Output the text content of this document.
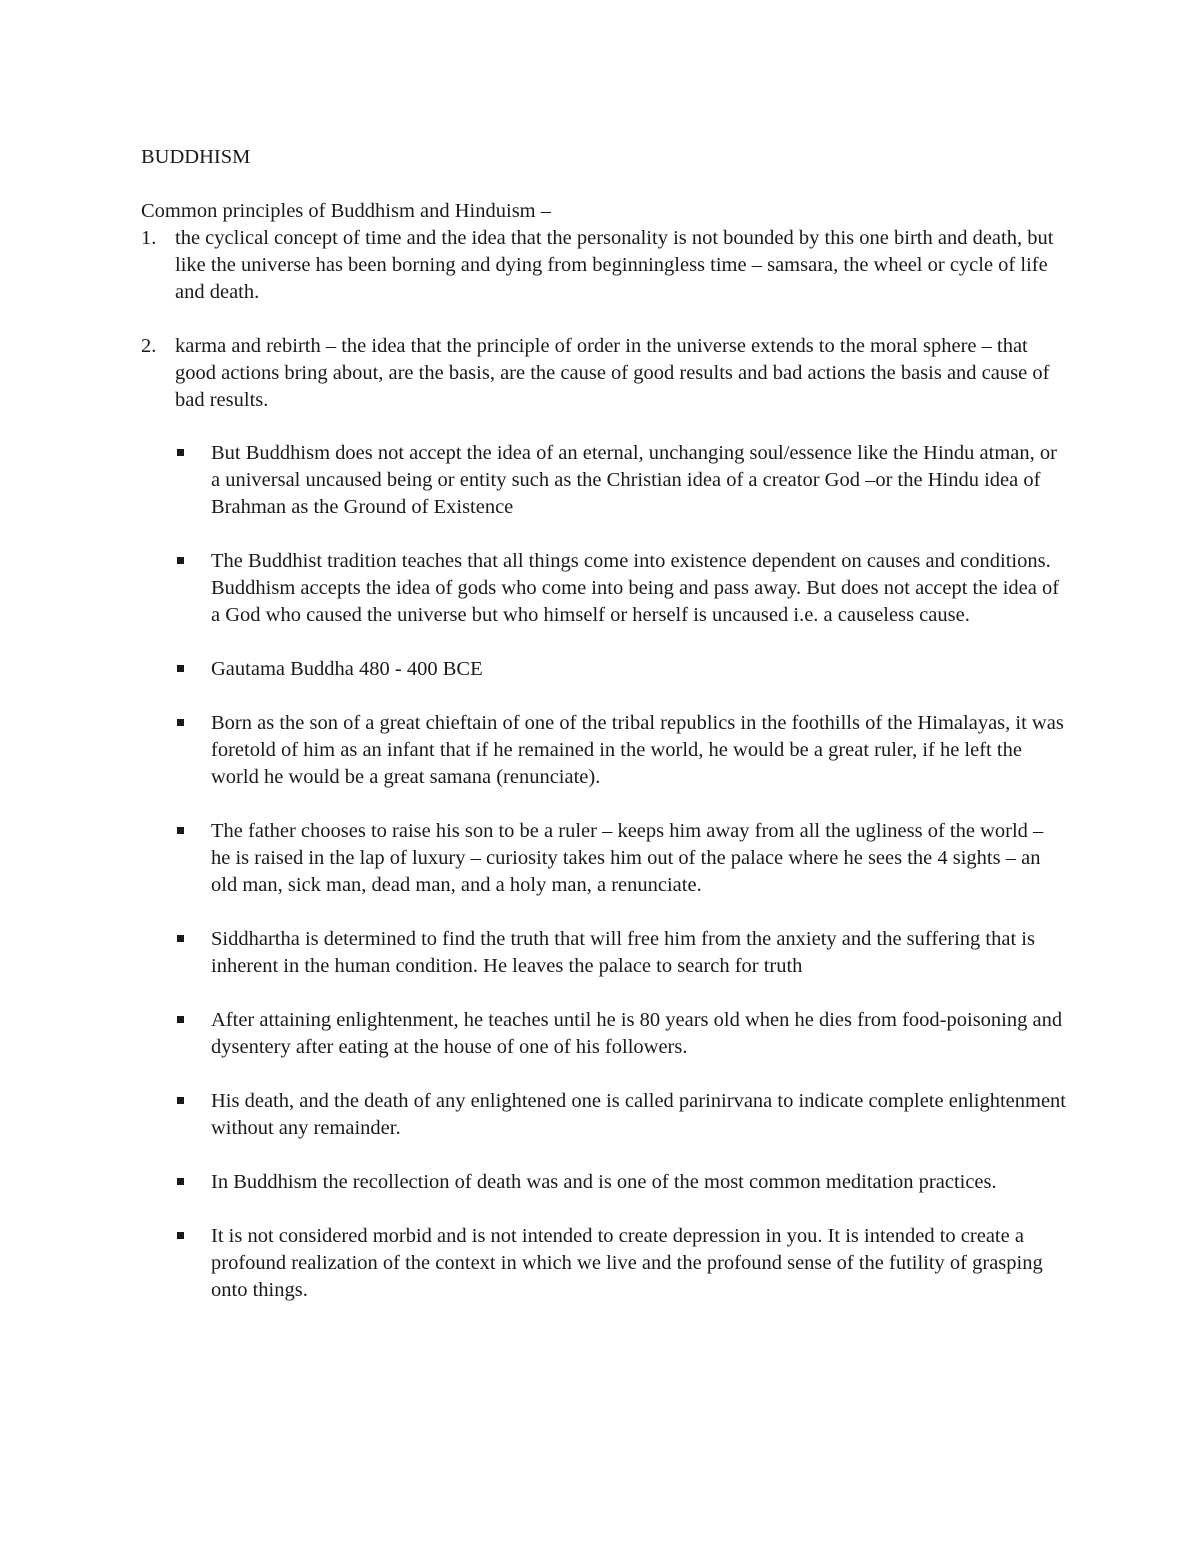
BUDDHISM

Common principles of Buddhism and Hinduism –

1. the cyclical concept of time and the idea that the personality is not bounded by this one birth and death, but like the universe has been borning and dying from beginningless time – samsara, the wheel or cycle of life and death.

2. karma and rebirth – the idea that the principle of order in the universe extends to the moral sphere – that good actions bring about, are the basis, are the cause of good results and bad actions the basis and cause of bad results.

But Buddhism does not accept the idea of an eternal, unchanging soul/essence like the Hindu atman, or a universal uncaused being or entity such as the Christian idea of a creator God –or the Hindu idea of Brahman as the Ground of Existence
The Buddhist tradition teaches that all things come into existence dependent on causes and conditions. Buddhism accepts the idea of gods who come into being and pass away. But does not accept the idea of a God who caused the universe but who himself or herself is uncaused i.e. a causeless cause.
Gautama Buddha 480 - 400 BCE
Born as the son of a great chieftain of one of the tribal republics in the foothills of the Himalayas, it was foretold of him as an infant that if he remained in the world, he would be a great ruler, if he left the world he would be a great samana (renunciate).
The father chooses to raise his son to be a ruler – keeps him away from all the ugliness of the world – he is raised in the lap of luxury – curiosity takes him out of the palace where he sees the 4 sights – an old man, sick man, dead man, and a holy man, a renunciate.
Siddhartha is determined to find the truth that will free him from the anxiety and the suffering that is inherent in the human condition. He leaves the palace to search for truth
After attaining enlightenment, he teaches until he is 80 years old when he dies from food-poisoning and dysentery after eating at the house of one of his followers.
His death, and the death of any enlightened one is called parinirvana to indicate complete enlightenment without any remainder.
In Buddhism the recollection of death was and is one of the most common meditation practices.
It is not considered morbid and is not intended to create depression in you. It is intended to create a profound realization of the context in which we live and the profound sense of the futility of grasping onto things.
